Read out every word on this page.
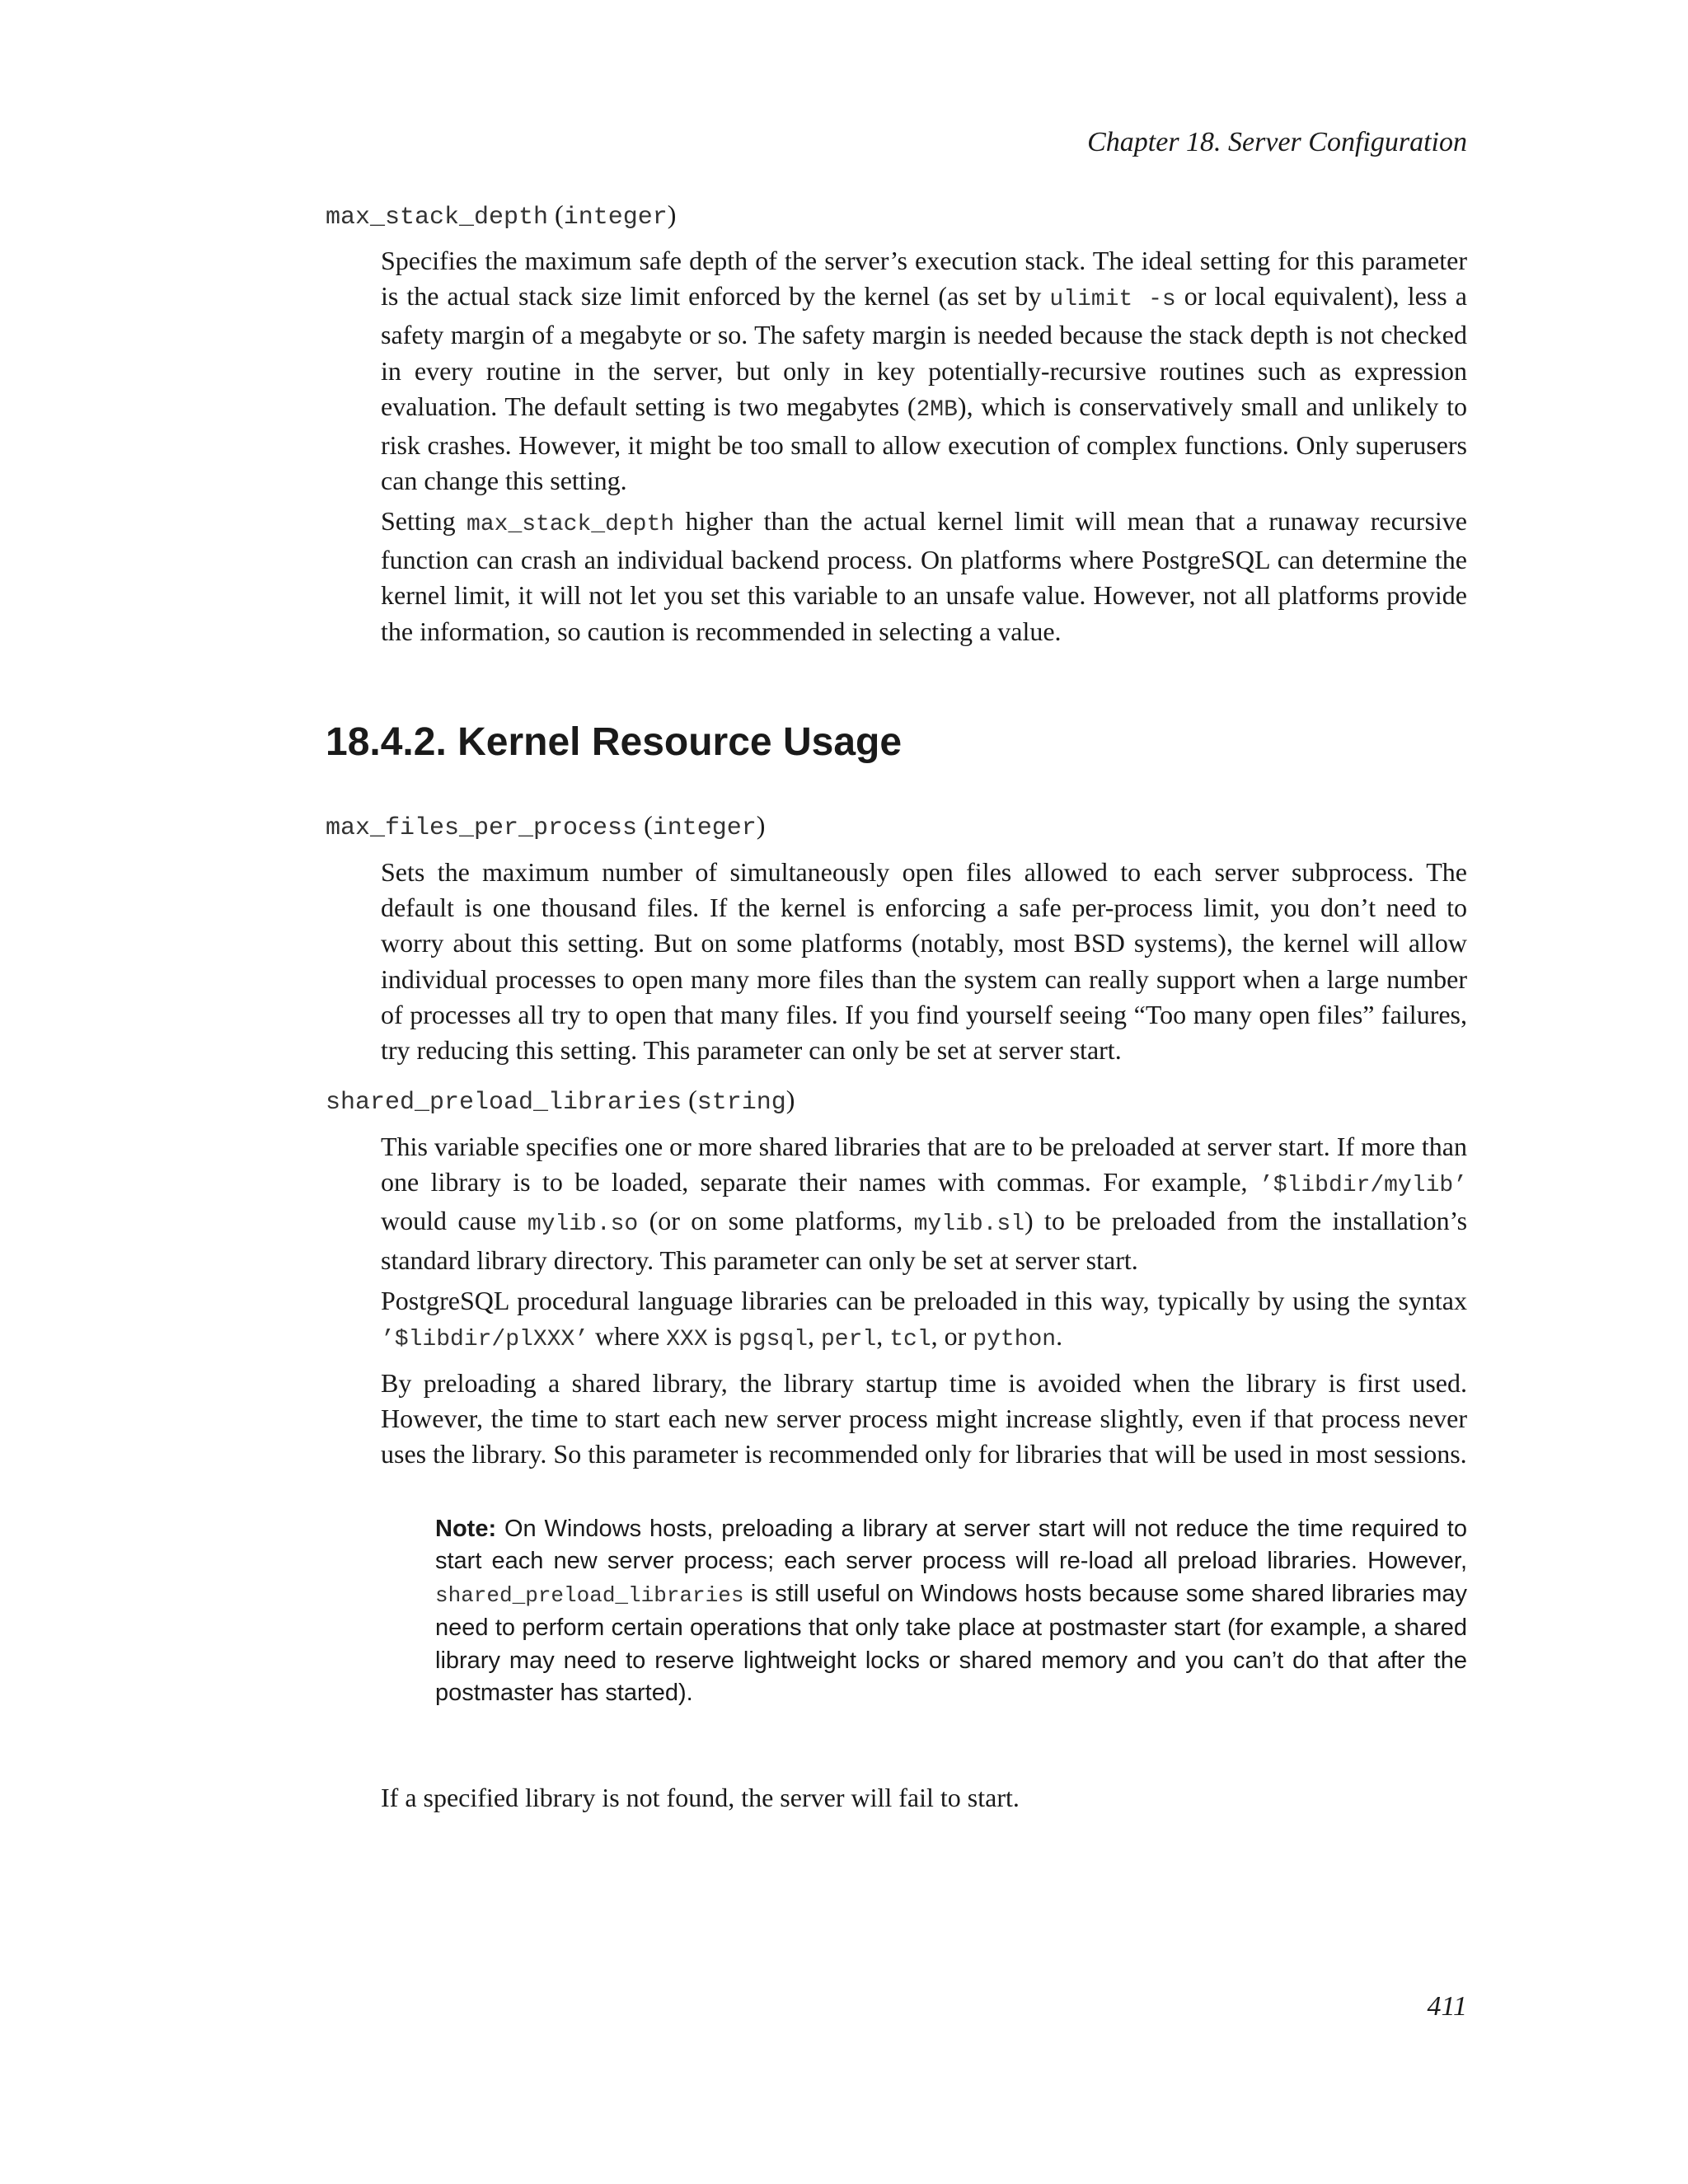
Chapter 18. Server Configuration
max_stack_depth (integer)

Specifies the maximum safe depth of the server’s execution stack. The ideal setting for this parameter is the actual stack size limit enforced by the kernel (as set by ulimit -s or local equivalent), less a safety margin of a megabyte or so. The safety margin is needed because the stack depth is not checked in every routine in the server, but only in key potentially-recursive routines such as expression evaluation. The default setting is two megabytes (2MB), which is conservatively small and unlikely to risk crashes. However, it might be too small to allow execution of complex functions. Only superusers can change this setting.

Setting max_stack_depth higher than the actual kernel limit will mean that a runaway recursive function can crash an individual backend process. On platforms where PostgreSQL can determine the kernel limit, it will not let you set this variable to an unsafe value. However, not all platforms provide the information, so caution is recommended in selecting a value.

18.4.2. Kernel Resource Usage
max_files_per_process (integer)

Sets the maximum number of simultaneously open files allowed to each server subprocess. The default is one thousand files. If the kernel is enforcing a safe per-process limit, you don’t need to worry about this setting. But on some platforms (notably, most BSD systems), the kernel will allow individual processes to open many more files than the system can really support when a large number of processes all try to open that many files. If you find yourself seeing “Too many open files” failures, try reducing this setting. This parameter can only be set at server start.

shared_preload_libraries (string)

This variable specifies one or more shared libraries that are to be preloaded at server start. If more than one library is to be loaded, separate their names with commas. For example, ’$libdir/mylib’ would cause mylib.so (or on some platforms, mylib.sl) to be preloaded from the installation’s standard library directory. This parameter can only be set at server start.

PostgreSQL procedural language libraries can be preloaded in this way, typically by using the syntax ’$libdir/plXXX’ where XXX is pgsql, perl, tcl, or python.

By preloading a shared library, the library startup time is avoided when the library is first used. However, the time to start each new server process might increase slightly, even if that process never uses the library. So this parameter is recommended only for libraries that will be used in most sessions.

Note: On Windows hosts, preloading a library at server start will not reduce the time required to start each new server process; each server process will re-load all preload libraries. However, shared_preload_libraries is still useful on Windows hosts because some shared libraries may need to perform certain operations that only take place at postmaster start (for example, a shared library may need to reserve lightweight locks or shared memory and you can’t do that after the postmaster has started).

If a specified library is not found, the server will fail to start.

411
